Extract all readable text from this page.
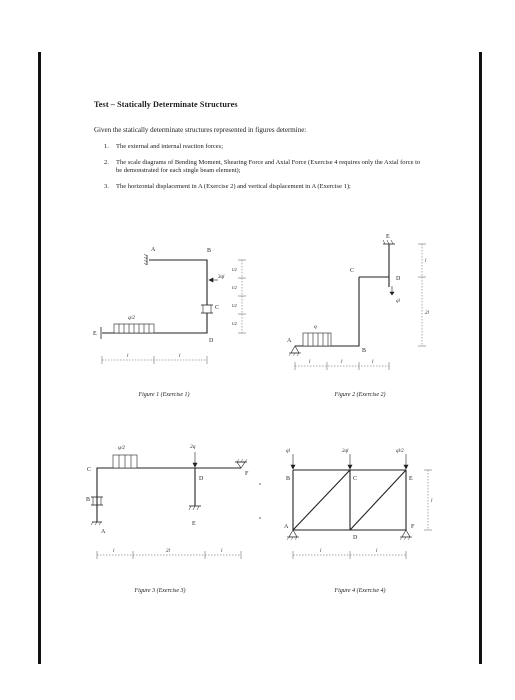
Test – Statically Determinate Structures
Given the statically determinate structures represented in figures determine:
1. The external and internal reaction forces;
2. The scale diagrams of Bending Moment, Shearing Force and Axial Force (Exercise 4 requires only the Axial force to be demonstrated for each single beam element);
3. The horizontal displacement in A (Exercise 2) and vertical displacement in A (Exercise 1);
A	B
C
D
E
q/2
3ql
l/2
l/2
l/2
l/2
l	l
Figure 1 (Exercise 1)
E
C
D
B
A
q
ql
l
2l
l	l	l
Figure 2 (Exercise 2)
C
B
A
D
E
F
q/2	2q
l	2l	l
Figure 3 (Exercise 3)
B	C	E
A
D
F
ql	2ql	ql/2
l
l	l
Figure 4 (Exercise 4)
